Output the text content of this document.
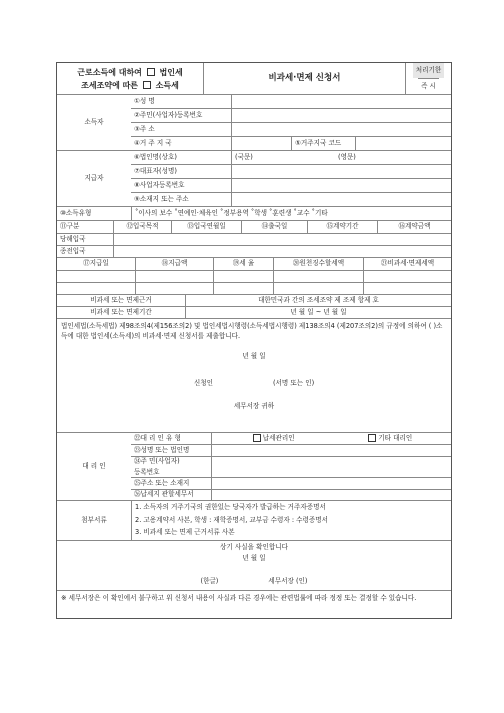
근로소득에 대하여 법인세
조세조약에 따른 소득세
비과세·면제 신청서
처리기한
즉 시
소득자
①성 명
②주민(사업자)등록번호
③주 소
④거 주 지 국	⑤거주지국 코드
지급자
⑥법인명(상호)	(국문)	(영문)
⑦대표자(성명)
⑧사업자등록번호
⑨소재지 또는 주소
⑩소득유형	˚이사의 보수 ˚연예인·체육인 ˚정부용역 ˚학생 ˚훈련생 ˚교수 ˚기타
⑪구분	⑫입국목적	⑬입국연월일	⑭출국일	⑮계약기간	⑯계약금액
당해입국
종전입국
⑰지급일	⑱지급액	⑲세 율	⑳원천징수할세액	㉑비과세·면제세액
비과세 또는 면제근거	대한민국과 간의 조세조약 제 조제 항제 호
비과세 또는 면제기간	년 월 일 ~ 년 월 일
법인세법(소득세법) 제98조의4(제156조의2) 및 법인세법시행령(소득세법시행령) 제138조의4 (제207조의2)의 규정에 의하여 ( )소득에 대한 법인세(소득세)의 비과세·면제 신청서를 제출합니다.
년 월 일
신청인	(서명 또는 인)
세무서장 귀하
대 리 인
㉒대 리 인 유 형	납세관리인	기타 대리인
㉓성명 또는 법인명
㉔주 민(사업자)
등록번호
㉕주소 또는 소재지
㉖납세지 관할세무서
첨부서류
1. 소득자의 거주기국의 권한있는 당국자가 발급하는 거주자증명서
2. 고용계약서 사본, 학생 : 재학증명서, 교부금 수령자 : 수령증명서
3. 비과세 또는 면제 근거서류 사본
상기 사실을 확인합니다
년 월 일
(한글)	세무서장 (인)
※ 세무서장은 이 확인에서 불구하고 위 신청서 내용이 사실과 다른 경우에는 관련법률에 따라 정정 또는 결정할 수 있습니다.
